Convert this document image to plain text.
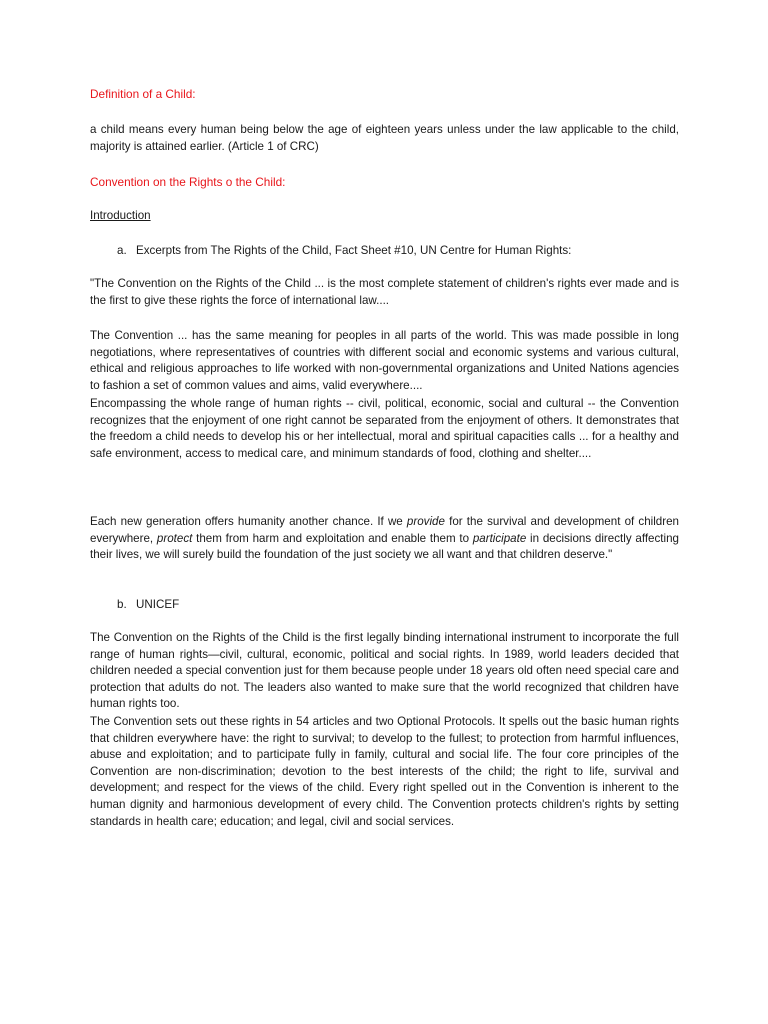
Definition of a Child:

a child means every human being below the age of eighteen years unless under the law applicable to the child, majority is attained earlier. (Article 1 of CRC)

Convention on the Rights o the Child:
Introduction
a. Excerpts from The Rights of the Child, Fact Sheet #10, UN Centre for Human Rights:

"The Convention on the Rights of the Child ... is the most complete statement of children's rights ever made and is the first to give these rights the force of international law....

The Convention ... has the same meaning for peoples in all parts of the world. This was made possible in long negotiations, where representatives of countries with different social and economic systems and various cultural, ethical and religious approaches to life worked with non-governmental organizations and United Nations agencies to fashion a set of common values and aims, valid everywhere....

Encompassing the whole range of human rights -- civil, political, economic, social and cultural -- the Convention recognizes that the enjoyment of one right cannot be separated from the enjoyment of others. It demonstrates that the freedom a child needs to develop his or her intellectual, moral and spiritual capacities calls ... for a healthy and safe environment, access to medical care, and minimum standards of food, clothing and shelter....

Each new generation offers humanity another chance. If we provide for the survival and development of children everywhere, protect them from harm and exploitation and enable them to participate in decisions directly affecting their lives, we will surely build the foundation of the just society we all want and that children deserve."

b. UNICEF

The Convention on the Rights of the Child is the first legally binding international instrument to incorporate the full range of human rights—civil, cultural, economic, political and social rights. In 1989, world leaders decided that children needed a special convention just for them because people under 18 years old often need special care and protection that adults do not. The leaders also wanted to make sure that the world recognized that children have human rights too.

The Convention sets out these rights in 54 articles and two Optional Protocols. It spells out the basic human rights that children everywhere have: the right to survival; to develop to the fullest; to protection from harmful influences, abuse and exploitation; and to participate fully in family, cultural and social life. The four core principles of the Convention are non-discrimination; devotion to the best interests of the child; the right to life, survival and development; and respect for the views of the child. Every right spelled out in the Convention is inherent to the human dignity and harmonious development of every child. The Convention protects children's rights by setting standards in health care; education; and legal, civil and social services.
